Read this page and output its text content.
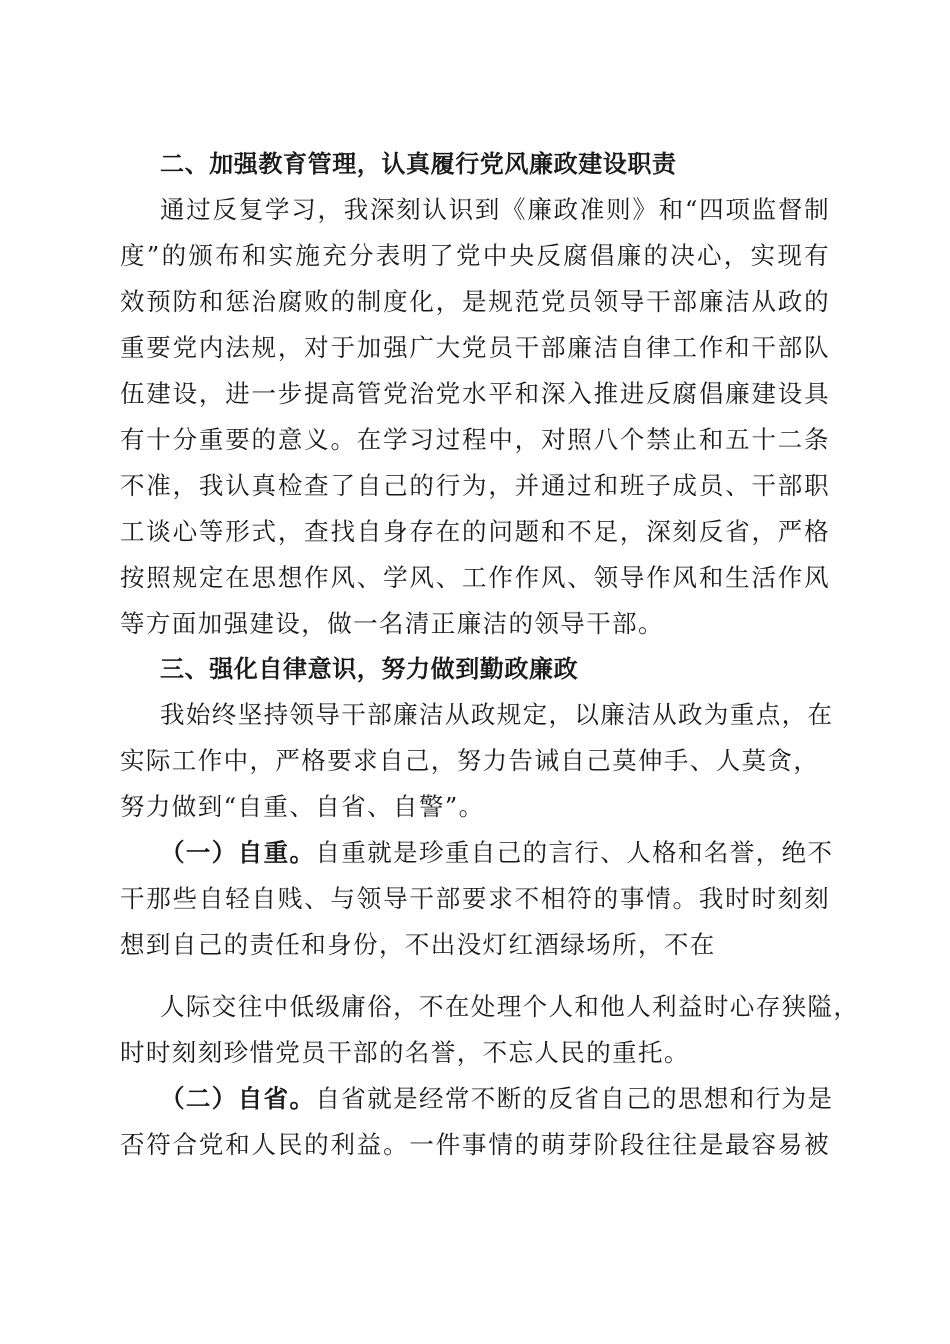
二、加强教育管理，认真履行党风廉政建设职责
通过反复学习，我深刻认识到《廉政准则》和“四项监督制
度”的颁布和实施充分表明了党中央反腐倡廉的决心，实现有
效预防和惩治腐败的制度化，是规范党员领导干部廉洁从政的
重要党内法规，对于加强广大党员干部廉洁自律工作和干部队
伍建设，进一步提高管党治党水平和深入推进反腐倡廉建设具
有十分重要的意义。在学习过程中，对照八个禁止和五十二条
不准，我认真检查了自己的行为，并通过和班子成员、干部职
工谈心等形式，查找自身存在的问题和不足，深刻反省，严格
按照规定在思想作风、学风、工作作风、领导作风和生活作风
等方面加强建设，做一名清正廉洁的领导干部。
三、强化自律意识，努力做到勤政廉政
我始终坚持领导干部廉洁从政规定，以廉洁从政为重点，在
实际工作中，严格要求自己，努力告诫自己莫伸手、人莫贪，
努力做到“自重、自省、自警”。
（一）自重。自重就是珍重自己的言行、人格和名誉，绝不
干那些自轻自贱、与领导干部要求不相符的事情。我时时刻刻
想到自己的责任和身份，不出没灯红酒绿场所，不在
人际交往中低级庸俗，不在处理个人和他人利益时心存狭隘，
时时刻刻珍惜党员干部的名誉，不忘人民的重托。
（二）自省。自省就是经常不断的反省自己的思想和行为是
否符合党和人民的利益。一件事情的萌芽阶段往往是最容易被
